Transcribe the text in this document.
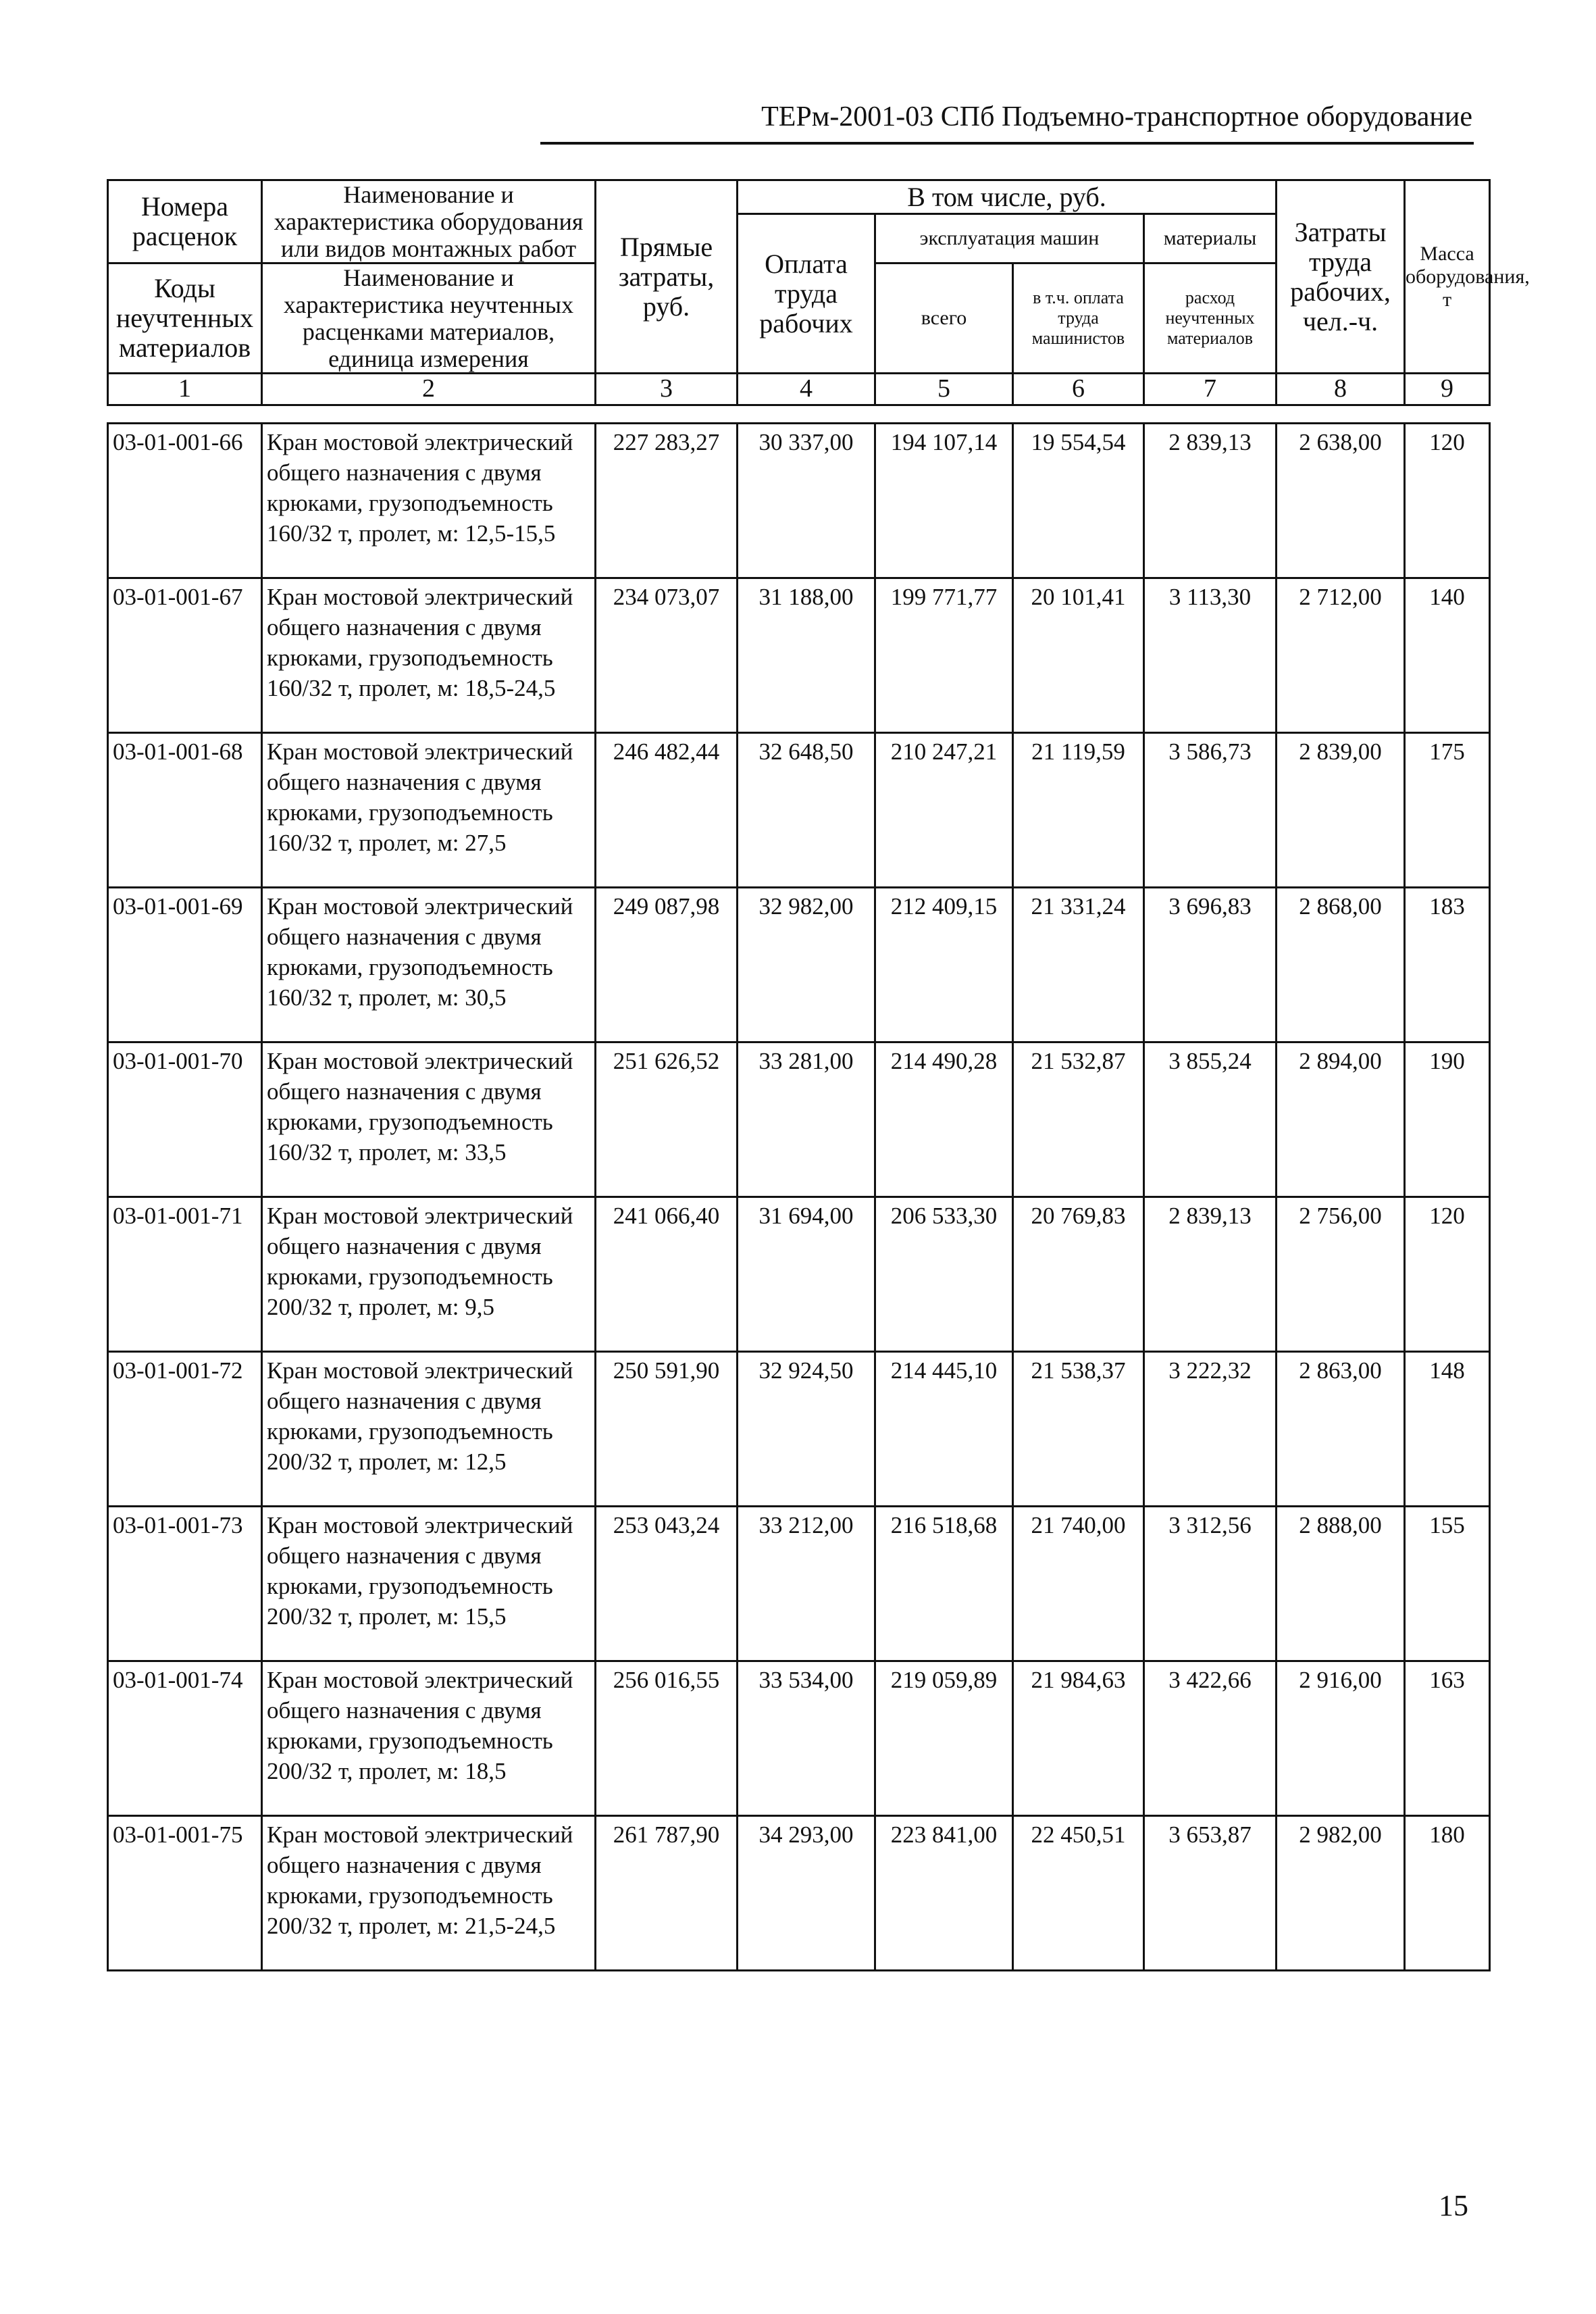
ТЕРм-2001-03 СПб Подъемно-транспортное оборудование
Номера расценок	Наименование и характеристика оборудования или видов монтажных работ	Прямые затраты, руб.	В том числе, руб.				Затраты труда рабочих, чел.-ч.	Масса оборудования, т
			Оплата труда рабочих	эксплуатация машин		материалы		
Коды неучтенных материалов	Наименование и характеристика неучтенных расценками материалов, единица измерения			всего	в т.ч. оплата труда машинистов	расход неучтенных материалов		

1	2	3	4	5	6	7	8	9
03-01-001-66	Кран мостовой электрический
общего назначения с двумя
крюками, грузоподъемность
160/32 т, пролет, м: 12,5-15,5	227 283,27	30 337,00	194 107,14	19 554,54	2 839,13	2 638,00	120
03-01-001-67	Кран мостовой электрический
общего назначения с двумя
крюками, грузоподъемность
160/32 т, пролет, м: 18,5-24,5	234 073,07	31 188,00	199 771,77	20 101,41	3 113,30	2 712,00	140
03-01-001-68	Кран мостовой электрический
общего назначения с двумя
крюками, грузоподъемность
160/32 т, пролет, м: 27,5	246 482,44	32 648,50	210 247,21	21 119,59	3 586,73	2 839,00	175
03-01-001-69	Кран мостовой электрический
общего назначения с двумя
крюками, грузоподъемность
160/32 т, пролет, м: 30,5	249 087,98	32 982,00	212 409,15	21 331,24	3 696,83	2 868,00	183
03-01-001-70	Кран мостовой электрический
общего назначения с двумя
крюками, грузоподъемность
160/32 т, пролет, м: 33,5	251 626,52	33 281,00	214 490,28	21 532,87	3 855,24	2 894,00	190
03-01-001-71	Кран мостовой электрический
общего назначения с двумя
крюками, грузоподъемность
200/32 т, пролет, м: 9,5	241 066,40	31 694,00	206 533,30	20 769,83	2 839,13	2 756,00	120
03-01-001-72	Кран мостовой электрический
общего назначения с двумя
крюками, грузоподъемность
200/32 т, пролет, м: 12,5	250 591,90	32 924,50	214 445,10	21 538,37	3 222,32	2 863,00	148
03-01-001-73	Кран мостовой электрический
общего назначения с двумя
крюками, грузоподъемность
200/32 т, пролет, м: 15,5	253 043,24	33 212,00	216 518,68	21 740,00	3 312,56	2 888,00	155
03-01-001-74	Кран мостовой электрический
общего назначения с двумя
крюками, грузоподъемность
200/32 т, пролет, м: 18,5	256 016,55	33 534,00	219 059,89	21 984,63	3 422,66	2 916,00	163
03-01-001-75	Кран мостовой электрический
общего назначения с двумя
крюками, грузоподъемность
200/32 т, пролет, м: 21,5-24,5	261 787,90	34 293,00	223 841,00	22 450,51	3 653,87	2 982,00	180
15
